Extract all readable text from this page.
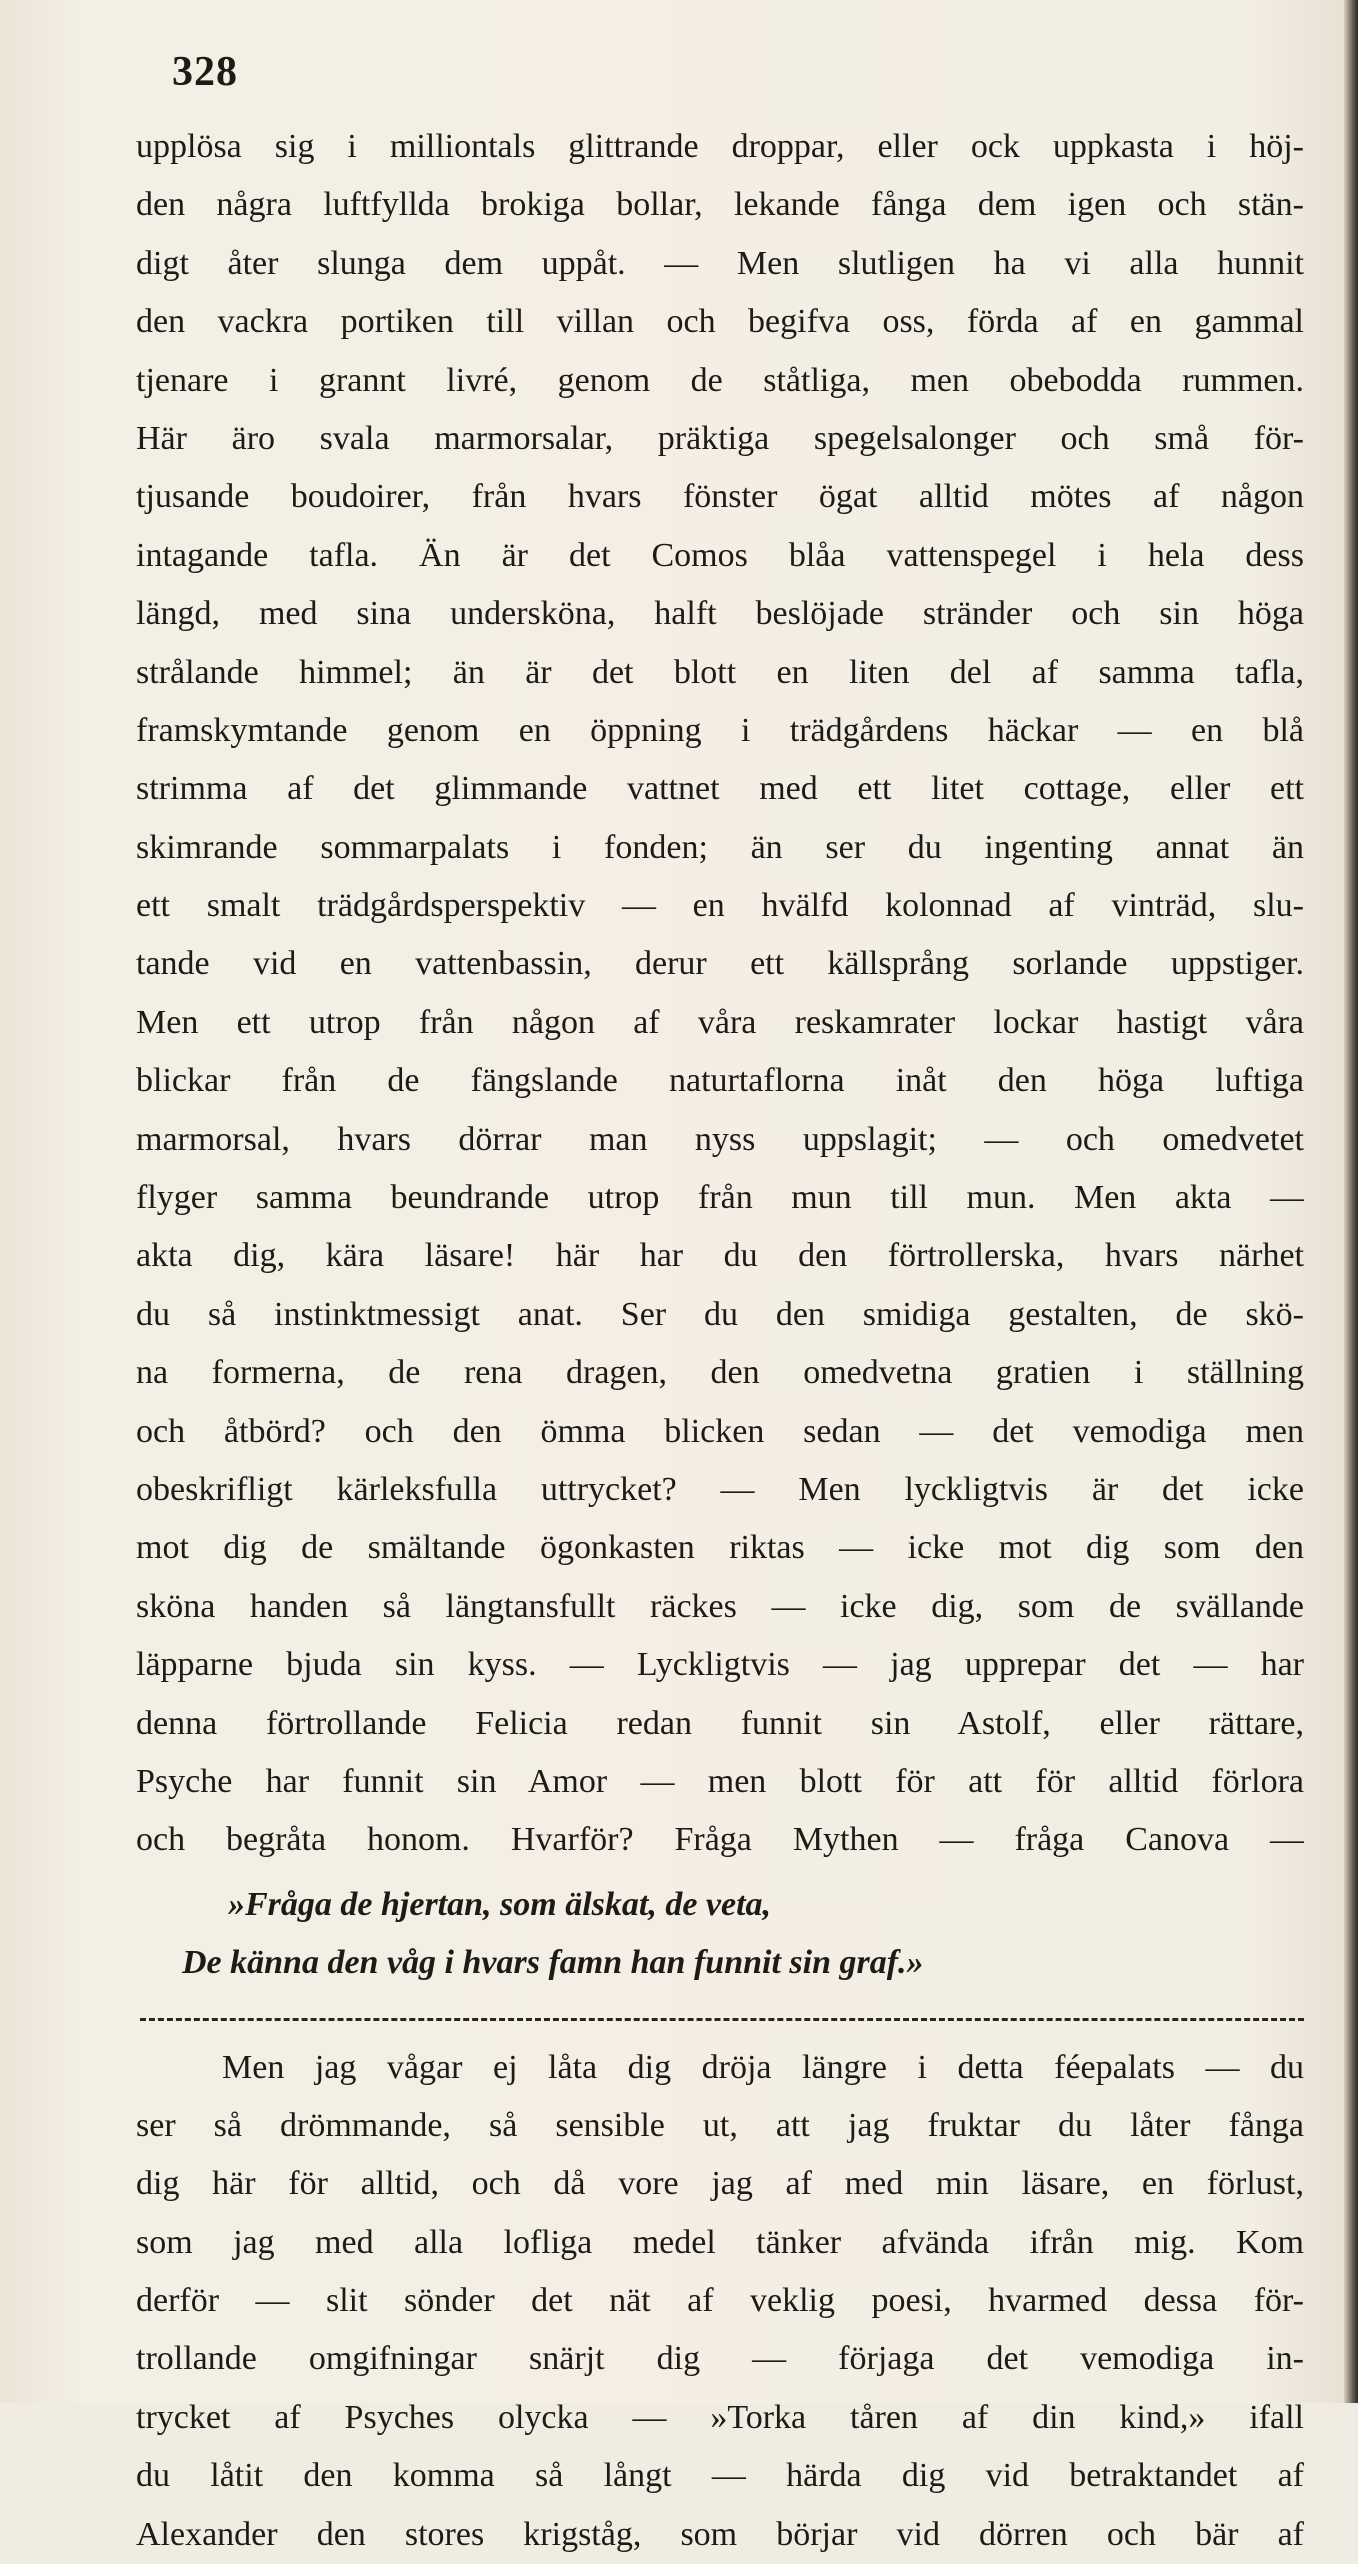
328
upplösa sig i milliontals glittrande droppar, eller ock uppkasta i höj-
den några luftfyllda brokiga bollar, lekande fånga dem igen och stän-
digt åter slunga dem uppåt. — Men slutligen ha vi alla hunnit
den vackra portiken till villan och begifva oss, förda af en gammal
tjenare i grannt livré, genom de ståtliga, men obebodda rummen.
Här äro svala marmorsalar, präktiga spegelsalonger och små för-
tjusande boudoirer, från hvars fönster ögat alltid mötes af någon
intagande tafla. Än är det Comos blåa vattenspegel i hela dess
längd, med sina undersköna, halft beslöjade stränder och sin höga
strålande himmel; än är det blott en liten del af samma tafla,
framskymtande genom en öppning i trädgårdens häckar — en blå
strimma af det glimmande vattnet med ett litet cottage, eller ett
skimrande sommarpalats i fonden; än ser du ingenting annat än
ett smalt trädgårdsperspektiv — en hvälfd kolonnad af vinträd, slu-
tande vid en vattenbassin, derur ett källsprång sorlande uppstiger.
Men ett utrop från någon af våra reskamrater lockar hastigt våra
blickar från de fängslande naturtaflorna inåt den höga luftiga
marmorsal, hvars dörrar man nyss uppslagit; — och omedvetet
flyger samma beundrande utrop från mun till mun. Men akta —
akta dig, kära läsare! här har du den förtrollerska, hvars närhet
du så instinktmessigt anat. Ser du den smidiga gestalten, de skö-
na formerna, de rena dragen, den omedvetna gratien i ställning
och åtbörd? och den ömma blicken sedan — det vemodiga men
obeskrifligt kärleksfulla uttrycket? — Men lyckligtvis är det icke
mot dig de smältande ögonkasten riktas — icke mot dig som den
sköna handen så längtansfullt räckes — icke dig, som de svällande
läpparne bjuda sin kyss. — Lyckligtvis — jag upprepar det — har
denna förtrollande Felicia redan funnit sin Astolf, eller rättare,
Psyche har funnit sin Amor — men blott för att för alltid förlora
och begråta honom. Hvarför? Fråga Mythen — fråga Canova —
»Fråga de hjertan, som älskat, de veta,
De känna den våg i hvars famn han funnit sin graf.»
Men jag vågar ej låta dig dröja längre i detta féepalats — du
ser så drömmande, så sensible ut, att jag fruktar du låter fånga
dig här för alltid, och då vore jag af med min läsare, en förlust,
som jag med alla lofliga medel tänker afvända ifrån mig. Kom
derför — slit sönder det nät af veklig poesi, hvarmed dessa för-
trollande omgifningar snärjt dig — förjaga det vemodiga in-
trycket af Psyches olycka — »Torka tåren af din kind,» ifall
du låtit den komma så långt — härda dig vid betraktandet af
Alexander den stores krigståg, som börjar vid dörren och bär af
